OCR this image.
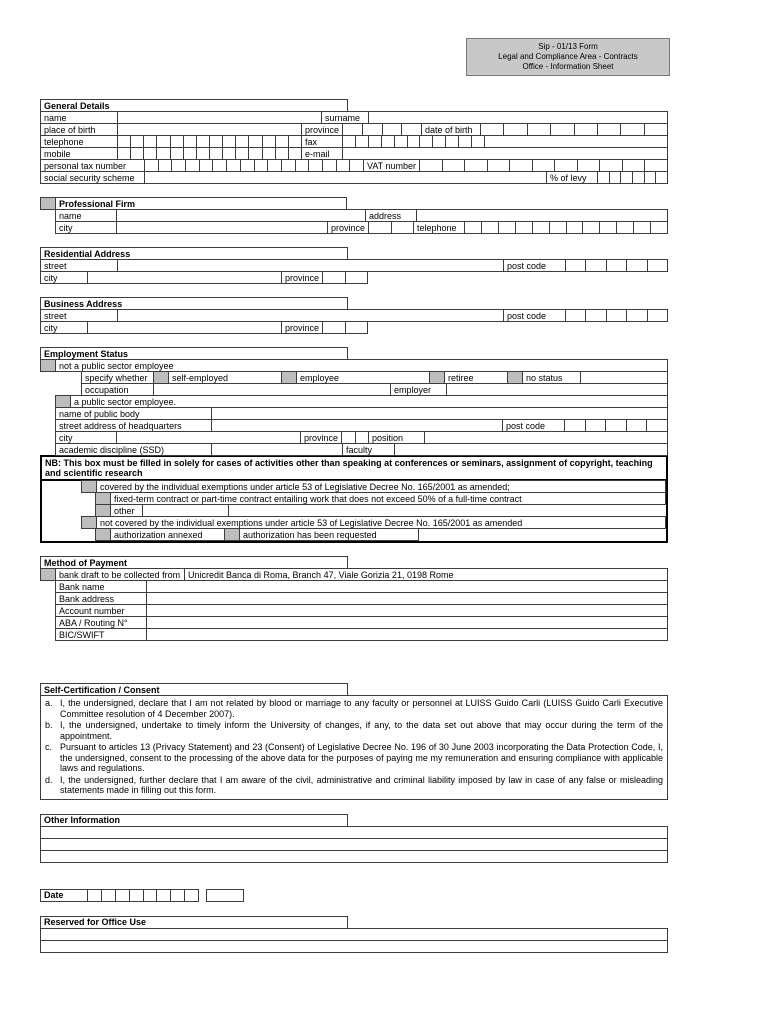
Sip - 01/13 Form
Legal and Compliance Area - Contracts
Office - Information Sheet
General Details
name	surname
place of birth	province	date of birth
telephone	fax
mobile	e-mail
personal tax number	VAT number
social security scheme	% of levy
Professional Firm
name	address
city	province	telephone
Residential Address
street	post code
city	province
Business Address
street	post code
city	province
Employment Status
not a public sector employee
specify whether	self-employed	employee	retiree	no status
occupation	employer
a public sector employee.
name of public body
street address of headquarters	post code
city	province	position
academic discipline (SSD)	faculty
NB: This box must be filled in solely for cases of activities other than speaking at conferences or seminars, assignment of copyright, teaching and scientific research
covered by the individual exemptions under article 53 of Legislative Decree No. 165/2001 as amended;
fixed-term contract or part-time contract entailing work that does not exceed 50% of a full-time contract
other
not covered by the individual exemptions under article 53 of Legislative Decree No. 165/2001 as amended
authorization annexed	authorization has been requested
Method of Payment
bank draft to be collected from Unicredit Banca di Roma, Branch 47, Viale Gorizia 21, 0198 Rome
Bank name
Bank address
Account number
ABA / Routing N°
BIC/SWIFT
Self-Certification / Consent
a. I, the undersigned, declare that I am not related by blood or marriage to any faculty or personnel at LUISS Guido Carli (LUISS Guido Carli Executive Committee resolution of 4 December 2007).
b. I, the undersigned, undertake to timely inform the University of changes, if any, to the data set out above that may occur during the term of the appointment.
c. Pursuant to articles 13 (Privacy Statement) and 23 (Consent) of Legislative Decree No. 196 of 30 June 2003 incorporating the Data Protection Code, I, the undersigned, consent to the processing of the above data for the purposes of paying me my remuneration and ensuring compliance with applicable laws and regulations.
d. I, the undersigned, further declare that I am aware of the civil, administrative and criminal liability imposed by law in case of any false or misleading statements made in filling out this form.
Other Information
Date
Reserved for Office Use
